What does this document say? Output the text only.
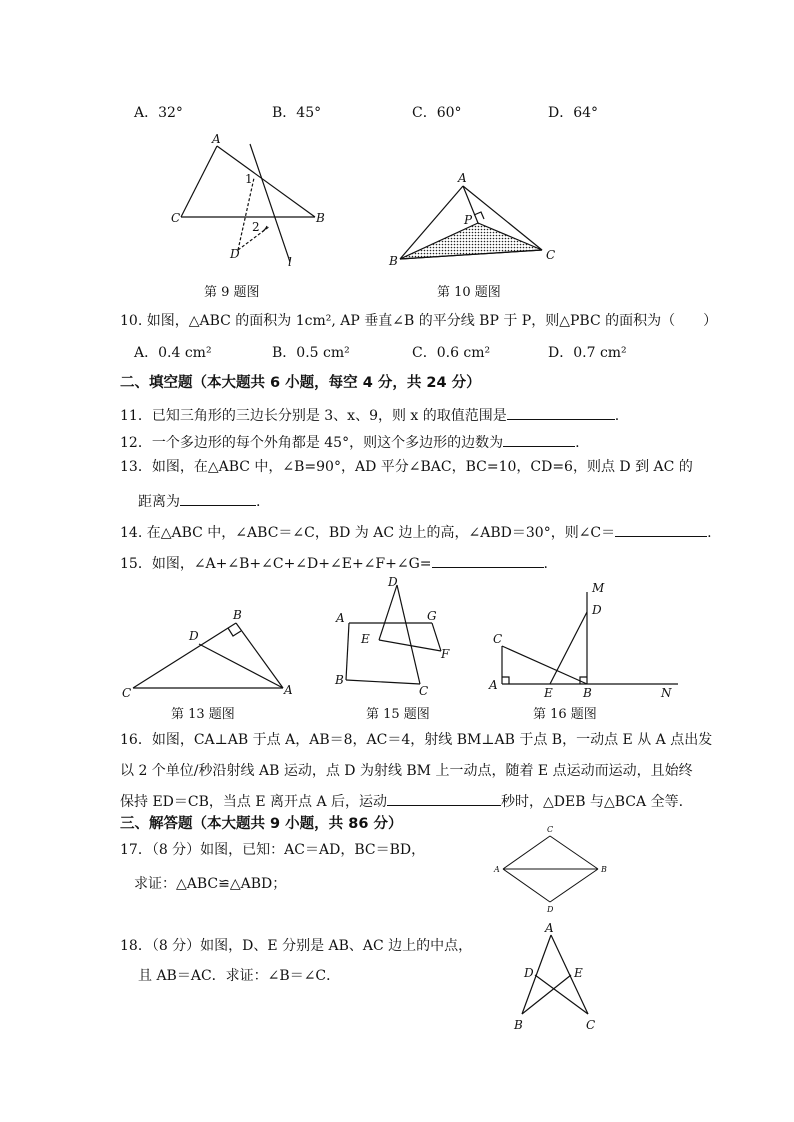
A．32°	B．45°	C．60°	D．64°
A
C	B
D
l
1
2
第 9 题图
A
P
B	C
第 10 题图
10. 如图，△ABC 的面积为 1cm², AP 垂直∠B 的平分线 BP 于 P，则△PBC 的面积为（　　）
A．0.4 cm²	B．0.5 cm²	C．0.6 cm²	D．0.7 cm²
二、填空题（本大题共 6 小题，每空 4 分，共 24 分）
11．已知三角形的三边长分别是 3、x、9，则 x 的取值范围是	.
12．一个多边形的每个外角都是 45°，则这个多边形的边数为	.
13．如图，在△ABC 中，∠B=90°，AD 平分∠BAC，BC=10，CD=6，则点 D 到 AC 的
距离为	.
14. 在△ABC 中，∠ABC＝∠C，BD 为 AC 边上的高，∠ABD＝30°，则∠C＝	.
15．如图，∠A+∠B+∠C+∠D+∠E+∠F+∠G=	.
B
D
C	A
第 13 题图
D
A	G
E
F
B
C
第 15 题图
M
D
C
A
E	B	N
第 16 题图
16．如图，CA⊥AB 于点 A，AB＝8，AC＝4，射线 BM⊥AB 于点 B，一动点 E 从 A 点出发
以 2 个单位/秒沿射线 AB 运动，点 D 为射线 BM 上一动点，随着 E 点运动而运动，且始终
保持 ED＝CB，当点 E 离开点 A 后，运动	秒时，△DEB 与△BCA 全等.
三、解答题（本大题共 9 小题，共 86 分）
17．（8 分）如图，已知：AC＝AD，BC＝BD，
求证：△ABC≌△ABD；
C
A	B
D
18．（8 分）如图，D、E 分别是 AB、AC 边上的中点，
且 AB＝AC．求证：∠B＝∠C．
A
D	E
B	C
